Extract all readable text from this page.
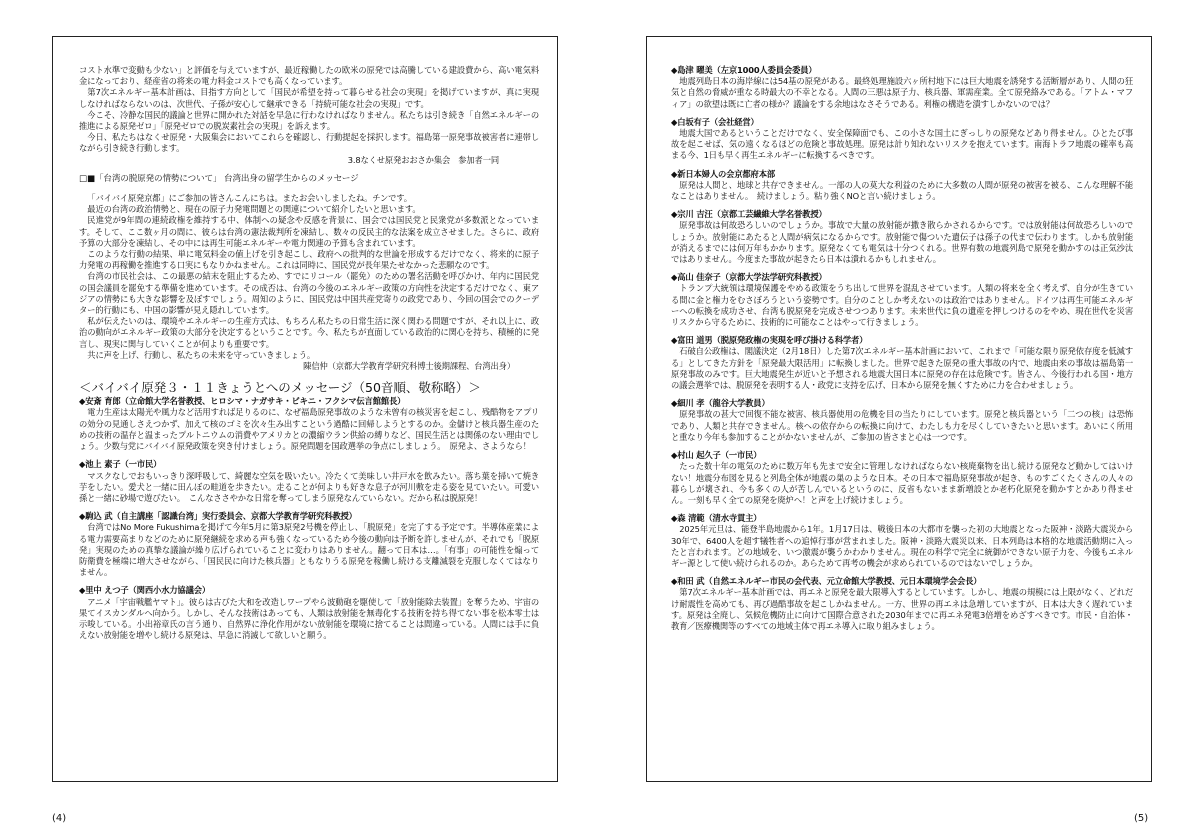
コスト水準で変動も少ない」と評価を与えていますが、最近稼働したの欧米の原発では高騰している建設費から、高い電気料金になっており、経産省の将来の電力料金コストでも高くなっています。

第7次エネルギー基本計画は、目指す方向として「国民が希望を持って暮らせる社会の実現」を掲げていますが、真に実現しなければならないのは、次世代、子孫が安心して継承できる「持続可能な社会の実現」です。

今こそ、冷静な国民的議論と世界に開かれた対話を早急に行わなければなりません。私たちは引き続き「自然エネルギーの推進による原発ゼロ」「原発ゼロでの脱炭素社会の実現」を訴えます。

今日、私たちはなくせ原発・大阪集会においてこれらを確認し、行動提起を採択します。福島第一原発事故被害者に連帯しながら引き続き行動します。

3.8なくせ原発おおさか集会　参加者一同

□■「台湾の脱原発の情勢について」 台湾出身の留学生からのメッセージ

「バイバイ原発京都」にご参加の皆さんこんにちは。またお会いしましたね。チンです。

最近の台湾の政治情勢と、現在の原子力発電問題との関連について紹介したいと思います。

民進党が9年間の連続政権を維持する中、体制への疑念や反感を背景に、国会では国民党と民衆党が多数派となっています。そして、ここ数ヶ月の間に、彼らは台湾の憲法裁判所を凍結し、数々の反民主的な法案を成立させました。さらに、政府予算の大部分を凍結し、その中には再生可能エネルギーや電力関連の予算も含まれています。

このような行動の結果、単に電気料金の値上げを引き起こし、政府への批判的な世論を形成するだけでなく、将来的に原子力発電の再稼働を推進する口実にもなりかねません。これは同時に、国民党が長年果たせなかった悲願なのです。

台湾の市民社会は、この最悪の結末を阻止するため、すでにリコール（罷免）のための署名活動を呼びかけ、年内に国民党の国会議員を罷免する準備を進めています。その成否は、台湾の今後のエネルギー政策の方向性を決定するだけでなく、東アジアの情勢にも大きな影響を及ぼすでしょう。周知のように、国民党は中国共産党寄りの政党であり、今回の国会でのクーデター的行動にも、中国の影響が見え隠れしています。

私が伝えたいのは、環境やエネルギーの生産方式は、もちろん私たちの日常生活に深く関わる問題ですが、それ以上に、政治の動向がエネルギー政策の大部分を決定するということです。今、私たちが直面している政治的に関心を持ち、積極的に発言し、現実に関与していくことが何よりも重要です。

共に声を上げ、行動し、私たちの未来を守っていきましょう。

陳信仲（京都大学教育学研究科博士後期課程、台湾出身）

＜バイバイ原発３・１１きょうとへのメッセージ（50音順、敬称略）＞

◆安斎 育郎（立命館大学名誉教授、ヒロシマ・ナガサキ・ビキニ・フクシマ伝言館館長）

電力生産は太陽光や風力など活用すれば足りるのに、なぜ福島原発事故のような未曾有の核災害を起こし、残酷物をアプリの効分の見通しさえつかず、加えて核のゴミを次々生み出すこという過酷に回帰しようとするのか。金儲けと核兵器生産のための技術の温存と温まったプルトニウムの消費やアメリカとの濃縮ウラン供給の縛りなど、国民生活とは関係のない理由でしょう。少数与党にバイバイ原発政策を突き付けましょう。原発問題を国政選挙の争点にしましょう。　原発よ、さようなら！

◆池上 素子（一市民）

マスクなしでおもいっきり深呼吸して、綺麗な空気を吸いたい。冷たくて美味しい井戸水を飲みたい。落ち葉を掃いて焼き芋をしたい。愛犬と一緒に田んぼの畦道を歩きたい。走ることが何よりも好きな息子が河川敷を走る姿を見ていたい。可愛い孫と一緒に砂場で遊びたい。　こんなささやかな日常を奪ってしまう原発なんていらない。だから私は脱原発！

◆駒込 武（自主講座「認識台湾」実行委員会、京都大学教育学研究科教授）

台湾ではNo More Fukushimaを掲げて今年5月に第3原発2号機を停止し、「脱原発」を完了する予定です。半導体産業による電力需要高まりなどのために原発継続を求める声も強くなっているため今後の動向は予断を許しませんが、それでも「脱原発」実現のための真摯な議論が繰り広げられていることに変わりはありません。翻って日本は…。「有事」の可能性を煽って防衛費を極端に増大させながら、「国民民に向けた核兵器」ともなりうる原発を稼働し続ける支離滅裂を克服しなくてはなりません。

◆里中 えつ子（関西小水力協議会）

アニメ「宇宙戦艦ヤマト」。彼らは古びた大和を改造しワープやら波動砲を駆使して「放射能除去装置」を奪うため、宇宙の果てイスカンダルへ向かう。しかし、そんな技術はあっても、人類は放射能を無毒化する技術を持ち得てない事を松本零士は示唆している。小出裕章氏の言う通り、自然界に浄化作用がない放射能を環境に捨てることは間違っている。人間には手に負えない放射能を増やし続ける原発は、早急に消滅して欲しいと願う。

◆島津 曜美（左京1000人委員会委員）

地震列島日本の海岸線には54基の原発がある。最終処理施設六ヶ所村地下には巨大地震を誘発する活断層があり、人間の狂気と自然の脅威が重なる時最大の不幸となる。人間の三悪は原子力、核兵器、軍需産業。全て原発絡みである。「アトム・マフィア」の欲望は既に亡者の様か？議論をする余地はなさそうである。利権の構造を潰すしかないのでは？

◆白坂有子（会社経営）

地震大国であるということだけでなく、安全保障面でも、この小さな国土にぎっしりの原発などあり得ません。ひとたび事故を起こせば、気の遠くなるほどの危険と事故処理。原発は計り知れないリスクを抱えています。南海トラフ地震の確率も高まる今、1日も早く再生エネルギーに転換するべきです。

◆新日本婦人の会京都府本部

原発は人間と、地球と共存できません。一部の人の莫大な利益のために大多数の人間が原発の被害を被る、こんな理解不能なことはありません。　続けましょう。粘り強くNOと言い続けましょう。

◆宗川 吉汪（京都工芸繊維大学名誉教授）

原発事故は何故恐ろしいのでしょうか。事故で大量の放射能が撒き散らかされるからです。では放射能は何故恐ろしいのでしょうか。放射能にあたると人間が病気になるからです。放射能で傷ついた遺伝子は孫子の代まで伝わります。しかも放射能が消えるまでには何万年もかかります。原発なくても電気は十分つくれる。世界有数の地震列島で原発を動かすのは正気沙汰ではありません。今度また事故が起きたら日本は潰れるかもしれません。

◆高山 佳奈子（京都大学法学研究科教授）

トランプ大統領は環境保護をやめる政策をうち出して世界を混乱させています。人類の将来を全く考えず、自分が生きている間に金と権力をむさぼろうという姿勢です。自分のことしか考えないのは政治ではありません。ドイツは再生可能エネルギーへの転換を成功させ、台湾も脱原発を完成させつつあります。未来世代に負の遺産を押しつけるのをやめ、現在世代を災害リスクから守るために、技術的に可能なことはやって行きましょう。

◆富田 道男（脱原発政権の実現を呼び掛ける科学者）

石破自公政権は、閣議決定（2月18日）した第7次エネルギー基本計画において、これまで「可能な限り原発依存度を低減する」としてきた方針を「原発最大限活用」に転換しました。世界で起きた原発の重大事故の内で、地震由来の事故は福島第一原発事故のみです。巨大地震発生が近いと予想される地震大国日本に原発の存在は危険です。皆さん、今後行われる国・地方の議会選挙では、脱原発を表明する人・政党に支持を広げ、日本から原発を無くすために力を合わせましょう。

◆細川 孝（龍谷大学教員）

原発事故の甚大で回復不能な被害、核兵器使用の危機を目の当たりにしています。原発と核兵器という「二つの核」は恐怖であり、人類と共存できません。核への依存からの転換に向けて、わたしも力を尽くしていきたいと思います。あいにく所用と重なり今年も参加することがかないませんが、ご参加の皆さまと心は一つです。

◆村山 起久子（一市民）

たった数十年の電気のために数万年も先まで安全に管理しなければならない核廃棄物を出し続ける原発など動かしてはいけない！地震分布図を見ると列島全体が地震の巣のような日本。その日本で福島原発事故が起き、ものすごくたくさんの人々の暮らしが壊され、今も多くの人が苦しんでいるというのに、反省もないまま新増設とか老朽化原発を動かすとかあり得ません。一刻も早く全ての原発を廃炉へ！と声を上げ続けましょう。

◆森 清範（清水寺貫主）

2025年元旦は、能登半島地震から1年。1月17日は、戦後日本の大都市を襲った初の大地震となった阪神・淡路大震災から30年で、6400人を超す犠牲者への追悼行事が営まれました。阪神・淡路大震災以来、日本列島は本格的な地震活動期に入ったと言われます。どの地域を、いつ激震が襲うかわかりません。現在の科学で完全に統御ができない原子力を、今後もエネルギー源として使い続けられるのか。あらためて再考の機会が求められているのではないでしょうか。

◆和田 武（自然エネルギー市民の会代表、元立命館大学教授、元日本環境学会会長）

第7次エネルギー基本計画では、再エネと原発を最大限導入するとしています。しかし、地震の規模には上限がなく、どれだけ耐震性を高めても、再び過酷事故を起こしかねません。一方、世界の再エネは急増していますが、日本は大きく遅れています。原発は全廃し、気候危機防止に向けて国際合意された2030年までに再エネ発電3倍増をめざすべきです。市民・自治体・教育／医療機関等のすべての地域主体で再エネ導入に取り組みましょう。

(4)	(5)
